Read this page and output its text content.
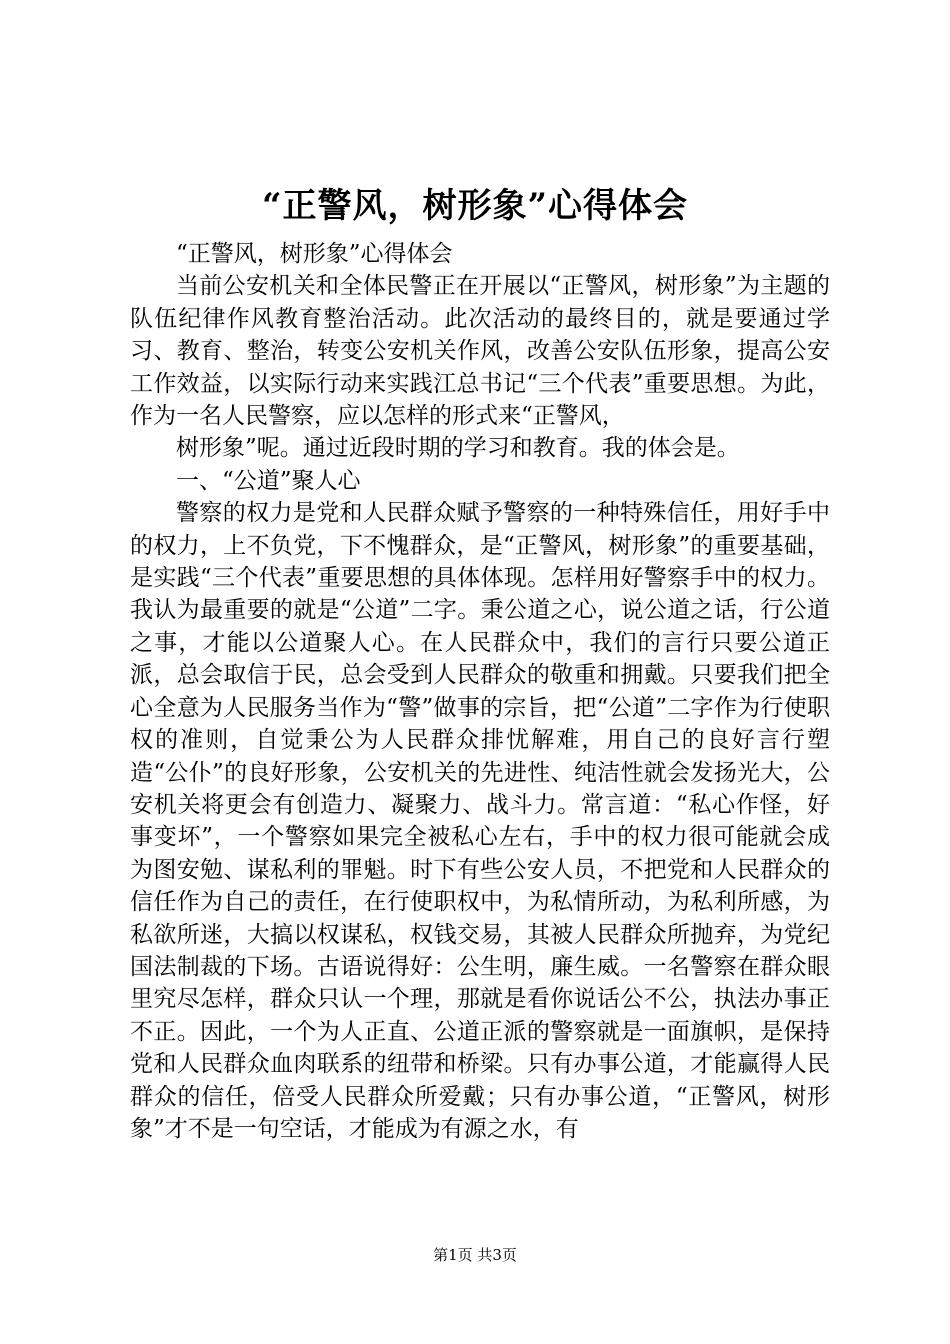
“正警风，树形象”心得体会

“正警风，树形象”心得体会

当前公安机关和全体民警正在开展以“正警风，树形象”为主题的队伍纪律作风教育整治活动。此次活动的最终目的，就是要通过学习、教育、整治，转变公安机关作风，改善公安队伍形象，提高公安工作效益，以实际行动来实践江总书记“三个代表”重要思想。为此，作为一名人民警察，应以怎样的形式来“正警风，

树形象”呢。通过近段时期的学习和教育。我的体会是。

一、“公道”聚人心

警察的权力是党和人民群众赋予警察的一种特殊信任，用好手中的权力，上不负党，下不愧群众，是“正警风，树形象”的重要基础，是实践“三个代表”重要思想的具体体现。怎样用好警察手中的权力。我认为最重要的就是“公道”二字。秉公道之心，说公道之话，行公道之事，才能以公道聚人心。在人民群众中，我们的言行只要公道正派，总会取信于民，总会受到人民群众的敬重和拥戴。只要我们把全心全意为人民服务当作为“警”做事的宗旨，把“公道”二字作为行使职权的准则，自觉秉公为人民群众排忧解难，用自己的良好言行塑造“公仆”的良好形象，公安机关的先进性、纯洁性就会发扬光大，公安机关将更会有创造力、凝聚力、战斗力。常言道：“私心作怪，好事变坏”，一个警察如果完全被私心左右，手中的权力很可能就会成为图安勉、谋私利的罪魁。时下有些公安人员，不把党和人民群众的信任作为自己的责任，在行使职权中，为私情所动，为私利所感，为私欲所迷，大搞以权谋私，权钱交易，其被人民群众所抛弃，为党纪国法制裁的下场。古语说得好：公生明，廉生威。一名警察在群众眼里究尽怎样，群众只认一个理，那就是看你说话公不公，执法办事正不正。因此，一个为人正直、公道正派的警察就是一面旗帜，是保持党和人民群众血肉联系的纽带和桥梁。只有办事公道，才能赢得人民群众的信任，倍受人民群众所爱戴；只有办事公道，“正警风，树形象”才不是一句空话，才能成为有源之水，有

第1页 共3页
